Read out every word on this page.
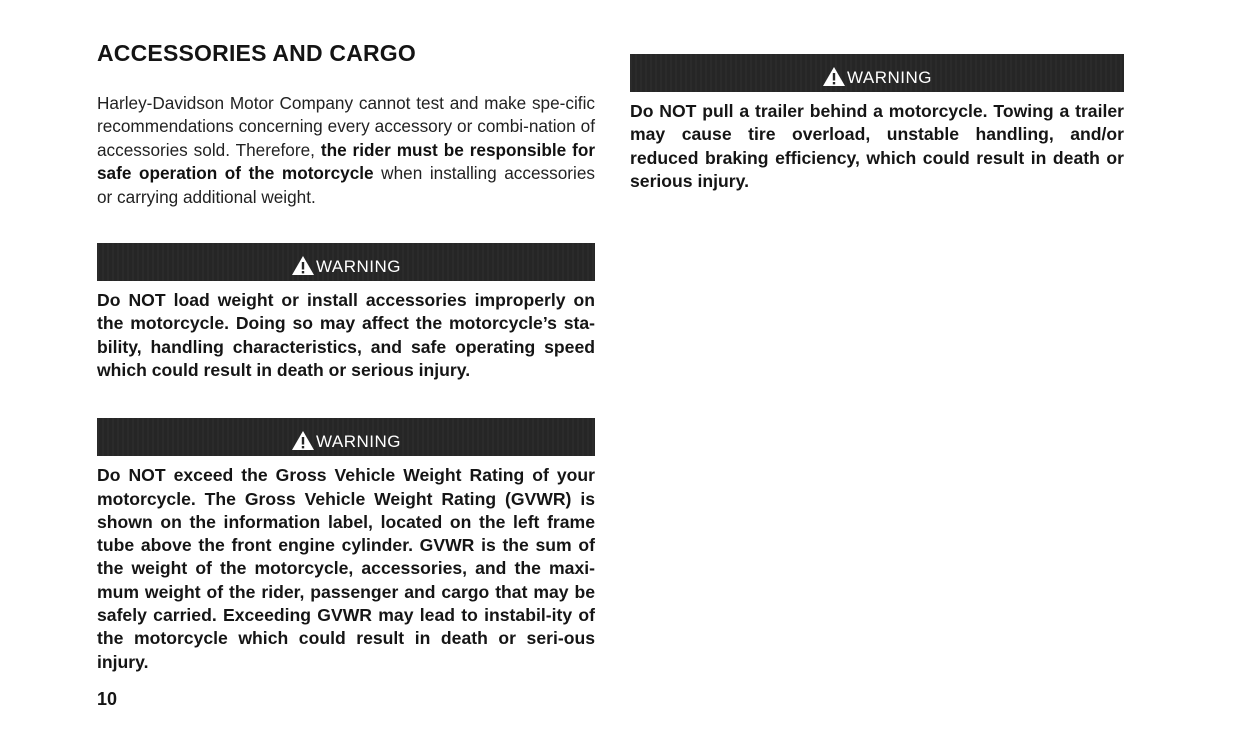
ACCESSORIES AND CARGO

Harley-Davidson Motor Company cannot test and make spe-cific recommendations concerning every accessory or combi-nation of accessories sold. Therefore, the rider must be responsible for safe operation of the motorcycle when installing accessories or carrying additional weight.

WARNING

Do NOT load weight or install accessories improperly on the motorcycle. Doing so may affect the motorcycle’s sta-bility, handling characteristics, and safe operating speed which could result in death or serious injury.

WARNING

Do NOT exceed the Gross Vehicle Weight Rating of your motorcycle. The Gross Vehicle Weight Rating (GVWR) is shown on the information label, located on the left frame tube above the front engine cylinder. GVWR is the sum of the weight of the motorcycle, accessories, and the maxi-mum weight of the rider, passenger and cargo that may be safely carried. Exceeding GVWR may lead to instabil-ity of the motorcycle which could result in death or seri-ous injury.

WARNING

Do NOT pull a trailer behind a motorcycle. Towing a trailer may cause tire overload, unstable handling, and/or reduced braking efficiency, which could result in death or serious injury.

10
